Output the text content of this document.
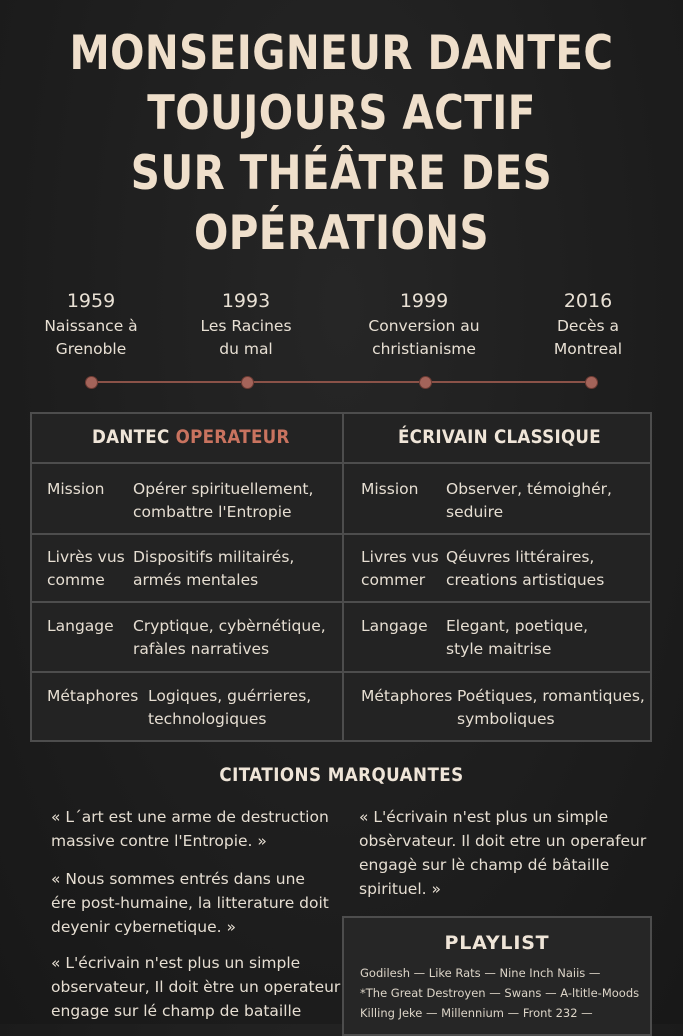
MONSEIGNEUR DANTEC
TOUJOURS ACTIF
SUR THÉÂTRE DES
OPÉRATIONS
1959
Naissance à
Grenoble
1993
Les Racines
du mal
1999
Conversion au
christianisme
2016
Decès a
Montreal
DANTEC OPERATEUR	ÉCRIVAIN CLASSIQUE
Mission Opérer spirituellement,
combattre l'Entropie
Livrès vus
comme
Dispositifs militairés,
armés mentales
Langage Cryptique, cybèrnétique,
rafàles narratives
Métaphores Logiques, guérrieres,
technologiques
Mission Observer, témoighér,
seduire
Livres vus
commer
Qéuvres littéraires,
creations artistiques
Langage Elegant, poetique,
style maitrise
Métaphores Poétiques, romantiques,
symboliques
CITATIONS MARQUANTES
« L´art est une arme de destruction
massive contre l'Entropie. »
« Nous sommes entrés dans une
ére post-humaine, la litterature doit
deyenir cybernetique. »
« L'écrivain n'est plus un simple
observateur, Il doit ètre un operateur
engage sur lé champ de bataille
« L'écrivain n'est plus un simple
obsèrvateur. Il doit etre un operafeur
engagè sur lè champ dé bâtaille
spirituel. »
PLAYLIST
Godilesh — Like Rats — Nine Inch Naiis —
*The Great Destroyen — Swans — A-ltitle-Moods
Killing Jeke — Millennium — Front 232 —
